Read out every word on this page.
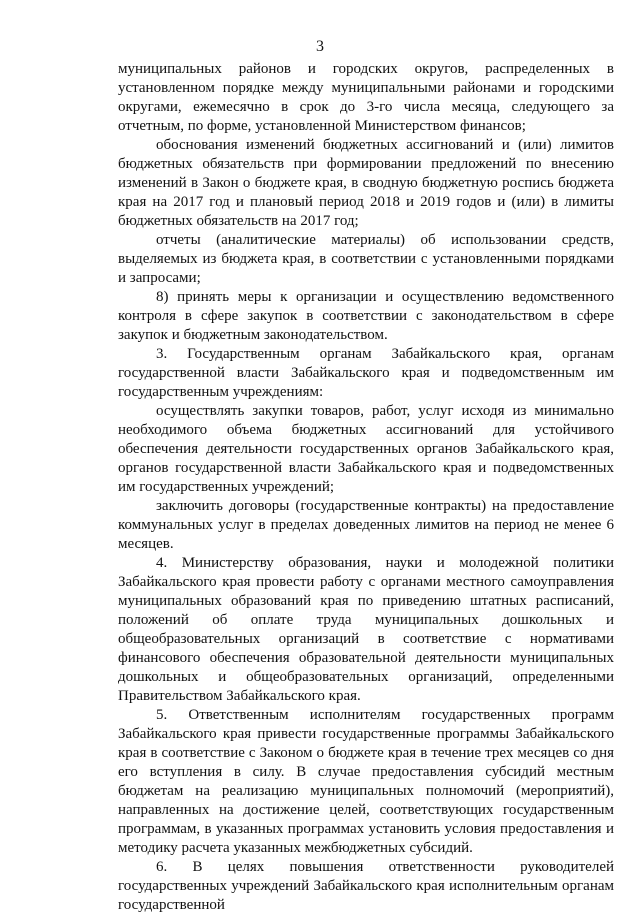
3

муниципальных районов и городских округов, распределенных в установленном порядке между муниципальными районами и городскими округами, ежемесячно в срок до 3-го числа месяца, следующего за отчетным, по форме, установленной Министерством финансов;

обоснования изменений бюджетных ассигнований и (или) лимитов бюджетных обязательств при формировании предложений по внесению изменений в Закон о бюджете края, в сводную бюджетную роспись бюджета края на 2017 год и плановый период 2018 и 2019 годов и (или) в лимиты бюджетных обязательств на 2017 год;

отчеты (аналитические материалы) об использовании средств, выделяемых из бюджета края, в соответствии с установленными порядками и запросами;

8) принять меры к организации и осуществлению ведомственного контроля в сфере закупок в соответствии с законодательством в сфере закупок и бюджетным законодательством.

3. Государственным органам Забайкальского края, органам государственной власти Забайкальского края и подведомственным им государственным учреждениям:

осуществлять закупки товаров, работ, услуг исходя из минимально необходимого объема бюджетных ассигнований для устойчивого обеспечения деятельности государственных органов Забайкальского края, органов государственной власти Забайкальского края и подведомственных им государственных учреждений;

заключить договоры (государственные контракты) на предоставление коммунальных услуг в пределах доведенных лимитов на период не менее 6 месяцев.

4. Министерству образования, науки и молодежной политики Забайкальского края провести работу с органами местного самоуправления муниципальных образований края по приведению штатных расписаний, положений об оплате труда муниципальных дошкольных и общеобразовательных организаций в соответствие с нормативами финансового обеспечения образовательной деятельности муниципальных дошкольных и общеобразовательных организаций, определенными Правительством Забайкальского края.

5. Ответственным исполнителям государственных программ Забайкальского края привести государственные программы Забайкальского края в соответствие с Законом о бюджете края в течение трех месяцев со дня его вступления в силу. В случае предоставления субсидий местным бюджетам на реализацию муниципальных полномочий (мероприятий), направленных на достижение целей, соответствующих государственным программам, в указанных программах установить условия предоставления и методику расчета указанных межбюджетных субсидий.

6. В целях повышения ответственности руководителей государственных учреждений Забайкальского края исполнительным органам государственной
